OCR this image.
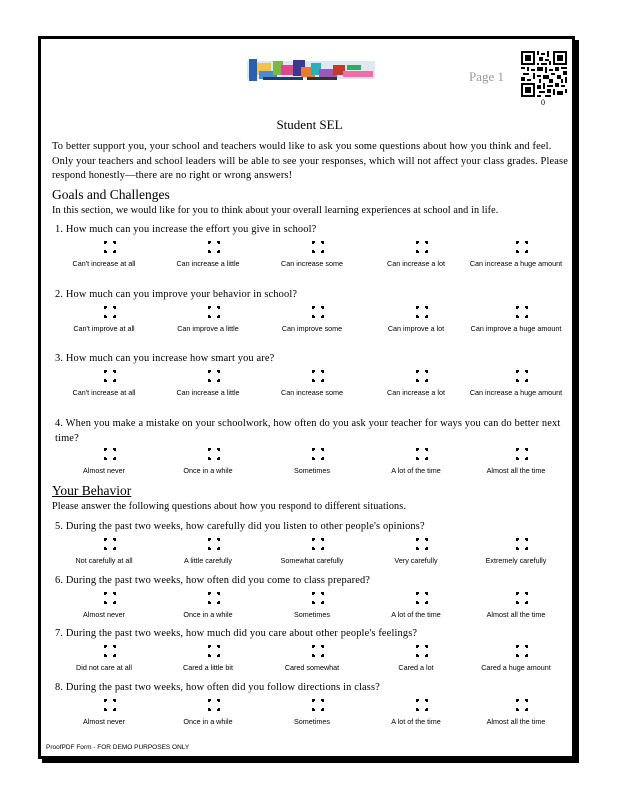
Page 1
0
Student SEL
To better support you, your school and teachers would like to ask you some questions about how you think and feel. Only your teachers and school leaders will be able to see your responses, which will not affect your class grades. Please respond honestly—there are no right or wrong answers!
Goals and Challenges
In this section, we would like for you to think about your overall learning experiences at school and in life.
1. How much can you increase the effort you give in school?
Can't increase at all	Can increase a little	Can increase some	Can increase a lot	Can increase a huge amount
2. How much can you improve your behavior in school?
Can't improve at all	Can improve a little	Can improve some	Can improve a lot	Can improve a huge amount
3. How much can you increase how smart you are?
Can't increase at all	Can increase a little	Can increase some	Can increase a lot	Can increase a huge amount
4. When you make a mistake on your schoolwork, how often do you ask your teacher for ways you can do better next time?
Almost never	Once in a while	Sometimes	A lot of the time	Almost all the time
Your Behavior
Please answer the following questions about how you respond to different situations.
5. During the past two weeks, how carefully did you listen to other people's opinions?
Not carefully at all	A little carefully	Somewhat carefully	Very carefully	Extremely carefully
6. During the past two weeks, how often did you come to class prepared?
Almost never	Once in a while	Sometimes	A lot of the time	Almost all the time
7. During the past two weeks, how much did you care about other people's feelings?
Did not care at all	Cared a little bit	Cared somewhat	Cared a lot	Cared a huge amount
8. During the past two weeks, how often did you follow directions in class?
Almost never	Once in a while	Sometimes	A lot of the time	Almost all the time
ProofPDF Form - FOR DEMO PURPOSES ONLY
